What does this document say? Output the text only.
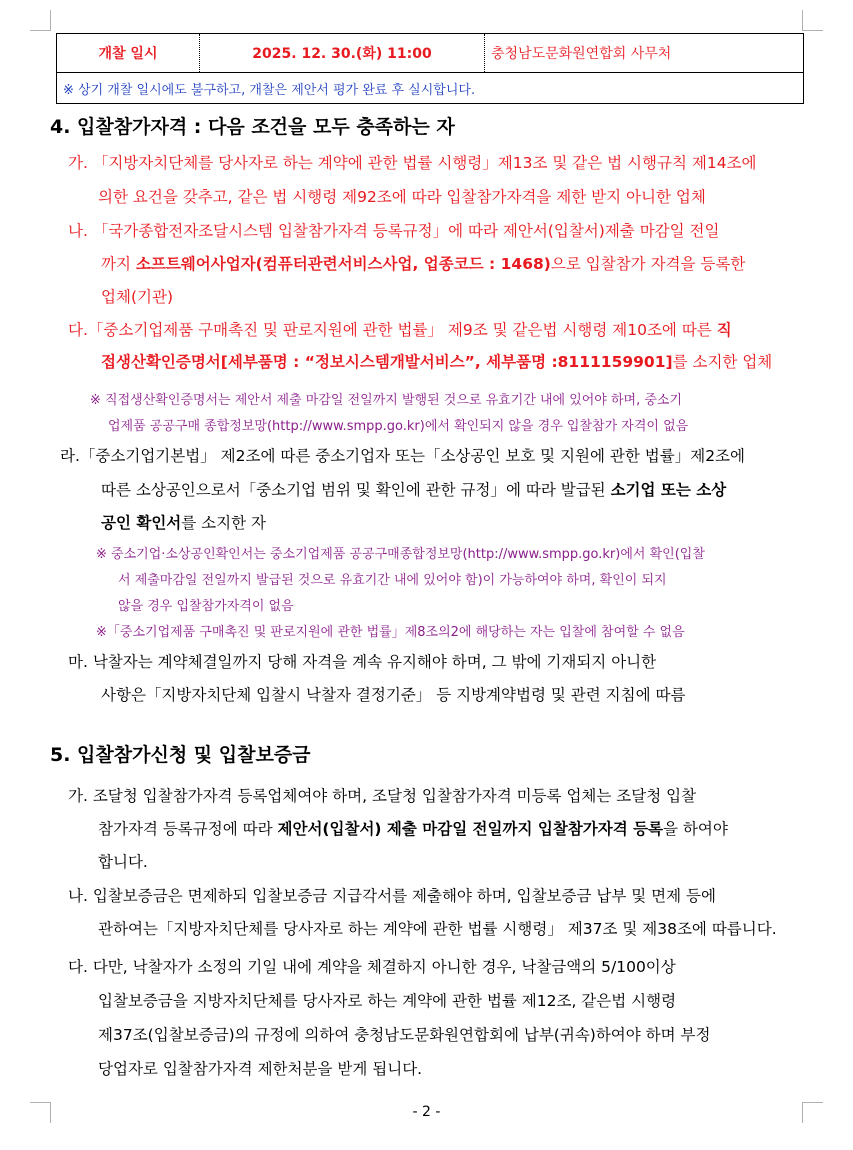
개찰 일시	2025. 12. 30.(화) 11:00	충청남도문화원연합회 사무처
※ 상기 개찰 일시에도 불구하고, 개찰은 제안서 평가 완료 후 실시합니다.
4. 입찰참가자격 : 다음 조건을 모두 충족하는 자
가. 「지방자치단체를 당사자로 하는 계약에 관한 법률 시행령」제13조 및 같은 법 시행규칙 제14조에
의한 요건을 갖추고, 같은 법 시행령 제92조에 따라 입찰참가자격을 제한 받지 아니한 업체
나. 「국가종합전자조달시스템 입찰참가자격 등록규정」에 따라 제안서(입찰서)제출 마감일 전일
까지 소프트웨어사업자(컴퓨터관련서비스사업, 업종코드 : 1468)으로 입찰참가 자격을 등록한
업체(기관)
다.「중소기업제품 구매촉진 및 판로지원에 관한 법률」 제9조 및 같은법 시행령 제10조에 따른 직
접생산확인증명서[세부품명 : “정보시스템개발서비스”, 세부품명 :8111159901]를 소지한 업체
※ 직접생산확인증명서는 제안서 제출 마감일 전일까지 발행된 것으로 유효기간 내에 있어야 하며, 중소기
업제품 공공구매 종합정보망(http://www.smpp.go.kr)에서 확인되지 않을 경우 입찰참가 자격이 없음
라.「중소기업기본법」 제2조에 따른 중소기업자 또는「소상공인 보호 및 지원에 관한 법률」제2조에
따른 소상공인으로서「중소기업 범위 및 확인에 관한 규정」에 따라 발급된 소기업 또는 소상
공인 확인서를 소지한 자
※ 중소기업·소상공인확인서는 중소기업제품 공공구매종합정보망(http://www.smpp.go.kr)에서 확인(입찰
서 제출마감일 전일까지 발급된 것으로 유효기간 내에 있어야 함)이 가능하여야 하며, 확인이 되지
않을 경우 입찰참가자격이 없음
※「중소기업제품 구매촉진 및 판로지원에 관한 법률」제8조의2에 해당하는 자는 입찰에 참여할 수 없음
마. 낙찰자는 계약체결일까지 당해 자격을 계속 유지해야 하며, 그 밖에 기재되지 아니한
사항은「지방자치단체 입찰시 낙찰자 결정기준」 등 지방계약법령 및 관련 지침에 따름
5. 입찰참가신청 및 입찰보증금
가. 조달청 입찰참가자격 등록업체여야 하며, 조달청 입찰참가자격 미등록 업체는 조달청 입찰
참가자격 등록규정에 따라 제안서(입찰서) 제출 마감일 전일까지 입찰참가자격 등록을 하여야
합니다.
나. 입찰보증금은 면제하되 입찰보증금 지급각서를 제출해야 하며, 입찰보증금 납부 및 면제 등에
관하여는「지방자치단체를 당사자로 하는 계약에 관한 법률 시행령」 제37조 및 제38조에 따릅니다.
다. 다만, 낙찰자가 소정의 기일 내에 계약을 체결하지 아니한 경우, 낙찰금액의 5/100이상
입찰보증금을 지방자치단체를 당사자로 하는 계약에 관한 법률 제12조, 같은법 시행령
제37조(입찰보증금)의 규정에 의하여 충청남도문화원연합회에 납부(귀속)하여야 하며 부정
당업자로 입찰참가자격 제한처분을 받게 됩니다.
- 2 -
